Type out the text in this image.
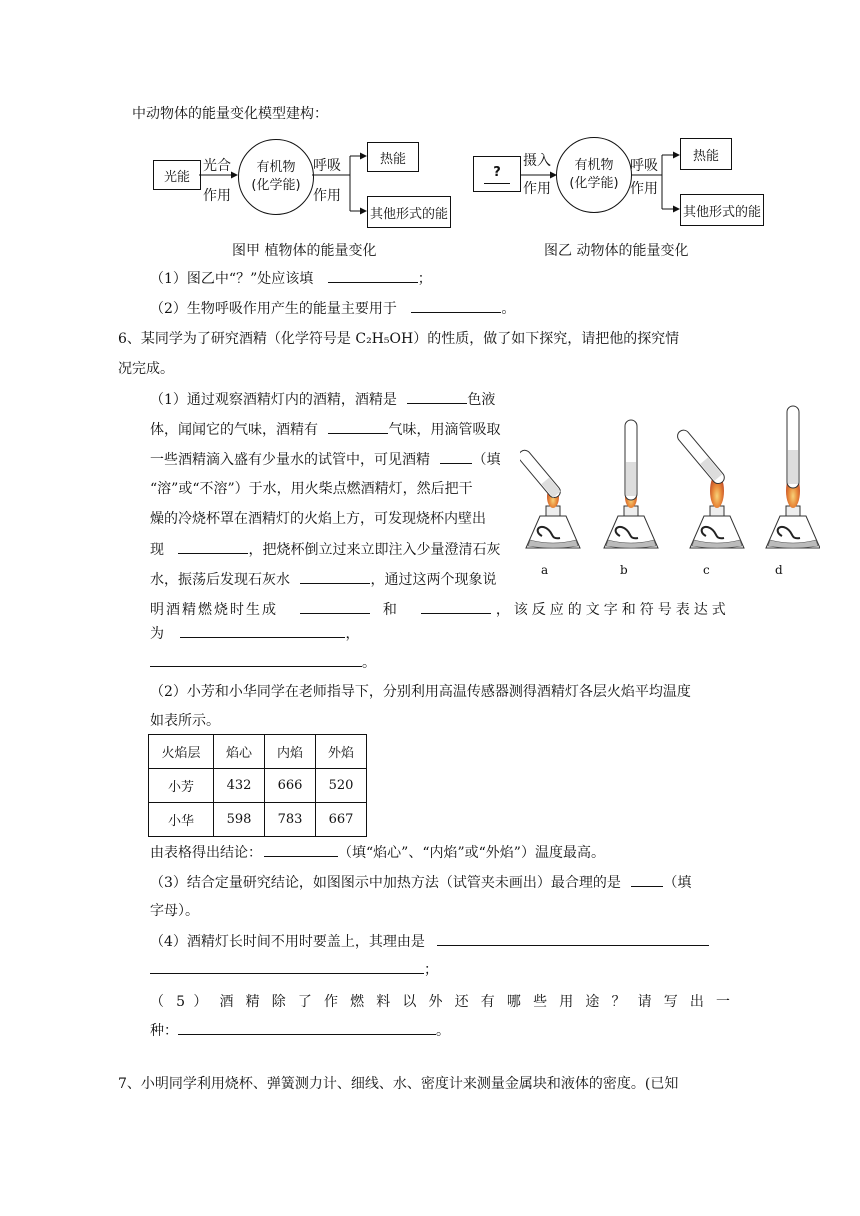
中动物体的能量变化模型建构：
光能
光合
作用
有机物
(化学能)
呼吸
作用
热能
其他形式的能
图甲 植物体的能量变化
?
摄入
作用
有机物
(化学能)
呼吸
作用
热能
其他形式的能
图乙 动物体的能量变化
（1）图乙中“？”处应该填	；
（2）生物呼吸作用产生的能量主要用于	。
6、某同学为了研究酒精（化学符号是 C₂H₅OH）的性质，做了如下探究，请把他的探究情
况完成。
（1）通过观察酒精灯内的酒精，酒精是	色液
体，闻闻它的气味，酒精有	气味，用滴管吸取
一些酒精滴入盛有少量水的试管中，可见酒精	（填
“溶”或“不溶”）于水，用火柴点燃酒精灯，然后把干
燥的冷烧杯罩在酒精灯的火焰上方，可发现烧杯内壁出
现	，把烧杯倒立过来立即注入少量澄清石灰
水，振荡后发现石灰水	，通过这两个现象说
明酒精燃烧时生成	和	，该反应的文字和符号表达式
为	，
。
a	b	c	d
（2）小芳和小华同学在老师指导下，分别利用高温传感器测得酒精灯各层火焰平均温度
如表所示。
火焰层	焰心	内焰	外焰
小芳	432	666	520
小华	598	783	667
由表格得出结论：	（填“焰心”、“内焰”或“外焰”）温度最高。
（3）结合定量研究结论，如图图示中加热方法（试管夹未画出）最合理的是	（填
字母）。
（4）酒精灯长时间不用时要盖上，其理由是
；
（ 5 ） 酒 精 除 了 作 燃 料 以 外 还 有 哪 些 用 途 ？ 请 写 出 一
种：	。
7、小明同学利用烧杯、弹簧测力计、细线、水、密度计来测量金属块和液体的密度。(已知
